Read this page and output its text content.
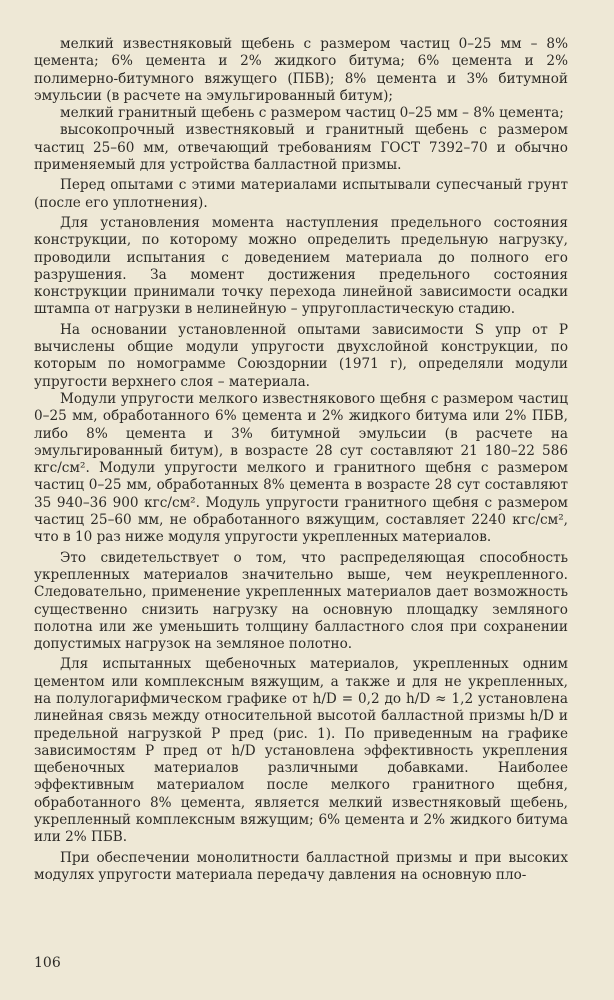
мелкий известняковый щебень с размером частиц 0–25 мм – 8% цемента; 6% цемента и 2% жидкого битума; 6% цемента и 2% полимерно-битумного вяжущего (ПБВ); 8% цемента и 3% битумной эмульсии (в расчете на эмульгированный битум);

мелкий гранитный щебень с размером частиц 0–25 мм – 8% цемента;

высокопрочный известняковый и гранитный щебень с размером частиц 25–60 мм, отвечающий требованиям ГОСТ 7392–70 и обычно применяемый для устройства балластной призмы.

Перед опытами с этими материалами испытывали супесчаный грунт (после его уплотнения).

Для установления момента наступления предельного состояния конструкции, по которому можно определить предельную нагрузку, проводили испытания с доведением материала до полного его разрушения. За момент достижения предельного состояния конструкции принимали точку перехода линейной зависимости осадки штампа от нагрузки в нелинейную – упругопластическую стадию.

На основании установленной опытами зависимости S упр от P вычислены общие модули упругости двухслойной конструкции, по которым по номограмме Союздорнии (1971 г), определяли модули упругости верхнего слоя – материала.

Модули упругости мелкого известнякового щебня с размером частиц 0–25 мм, обработанного 6% цемента и 2% жидкого битума или 2% ПБВ, либо 8% цемента и 3% битумной эмульсии (в расчете на эмульгированный битум), в возрасте 28 сут составляют 21 180–22 586 кгс/см². Модули упругости мелкого и гранитного щебня с размером частиц 0–25 мм, обработанных 8% цемента в возрасте 28 сут составляют 35 940–36 900 кгс/см². Модуль упругости гранитного щебня с размером частиц 25–60 мм, не обработанного вяжущим, составляет 2240 кгс/см², что в 10 раз ниже модуля упругости укрепленных материалов.

Это свидетельствует о том, что распределяющая способность укрепленных материалов значительно выше, чем неукрепленного. Следовательно, применение укрепленных материалов дает возможность существенно снизить нагрузку на основную площадку земляного полотна или же уменьшить толщину балластного слоя при сохранении допустимых нагрузок на земляное полотно.

Для испытанных щебеночных материалов, укрепленных одним цементом или комплексным вяжущим, а также и для не укрепленных, на полулогарифмическом графике от h/D = 0,2 до h/D ≈ 1,2 установлена линейная связь между относительной высотой балластной призмы h/D и предельной нагрузкой P пред (рис. 1). По приведенным на графике зависимостям P пред от h/D установлена эффективность укрепления щебеночных материалов различными добавками. Наиболее эффективным материалом после мелкого гранитного щебня, обработанного 8% цемента, является мелкий известняковый щебень, укрепленный комплексным вяжущим; 6% цемента и 2% жидкого битума или 2% ПБВ.

При обеспечении монолитности балластной призмы и при высоких модулях упругости материала передачу давления на основную пло-

106
